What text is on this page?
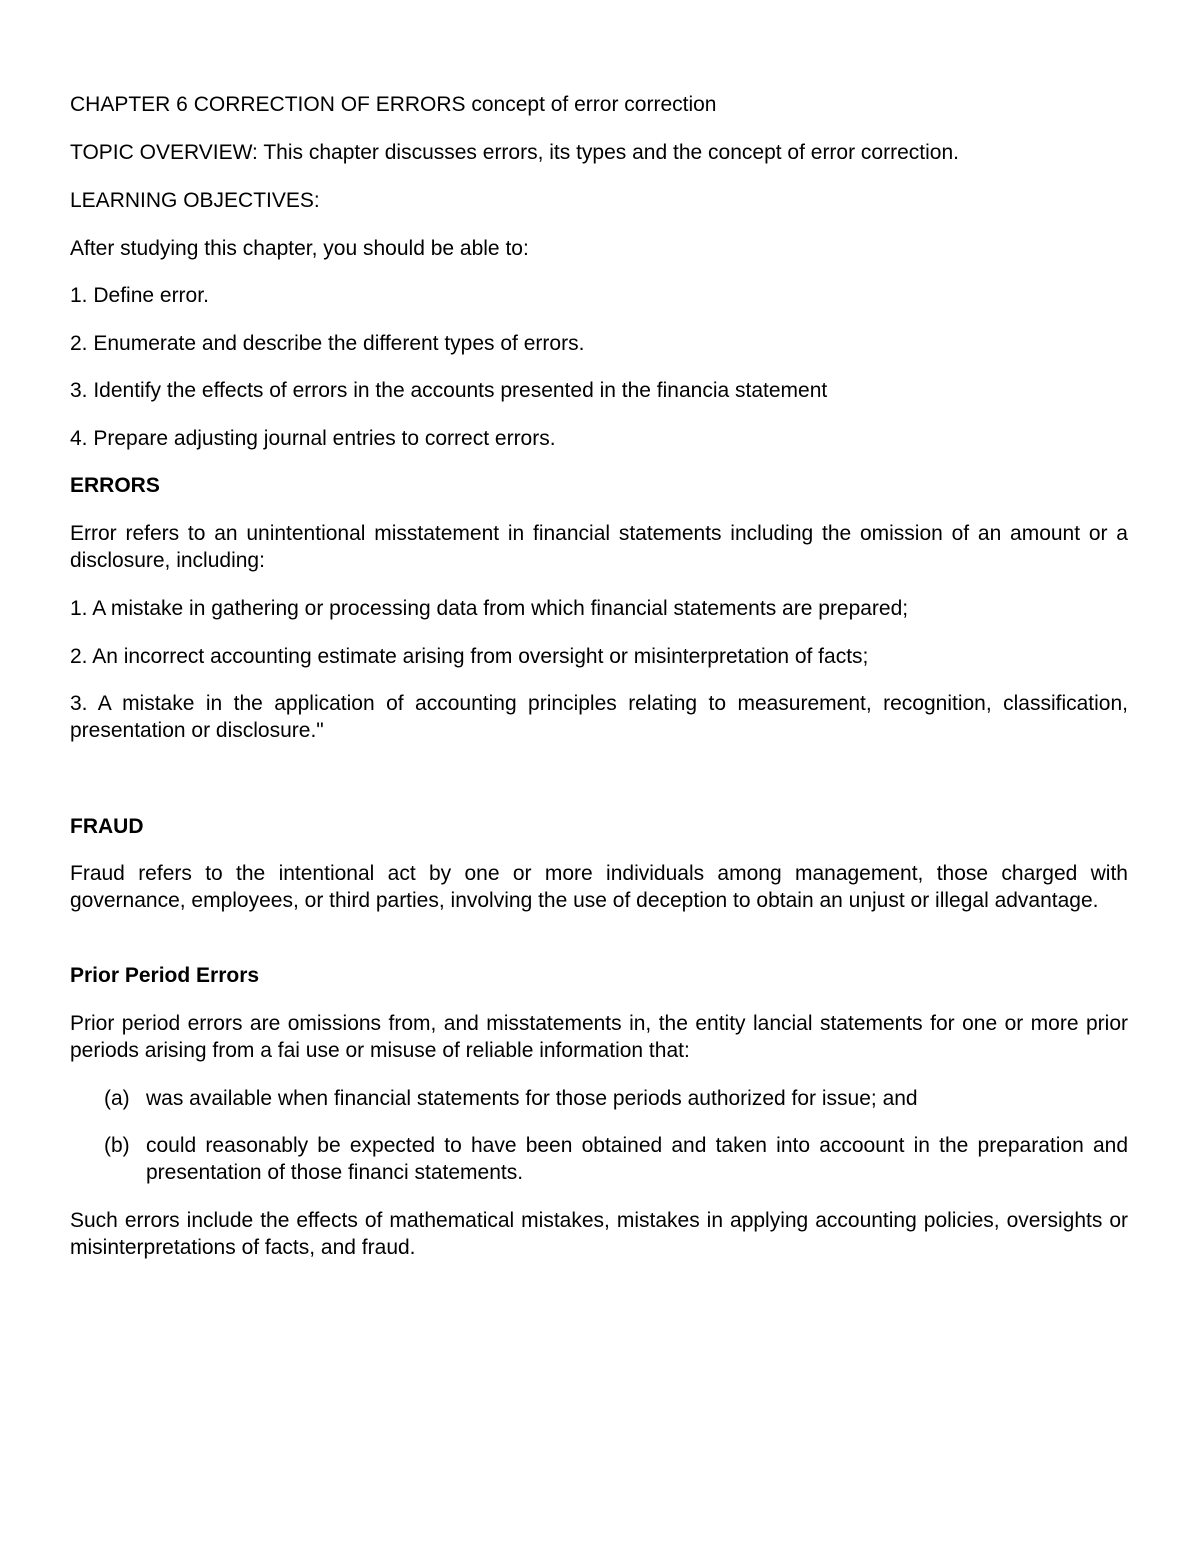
CHAPTER 6 CORRECTION OF ERRORS concept of error correction

TOPIC OVERVIEW: This chapter discusses errors, its types and the concept of error correction.

LEARNING OBJECTIVES:

After studying this chapter, you should be able to:

1. Define error.

2. Enumerate and describe the different types of errors.

3. Identify the effects of errors in the accounts presented in the financia statement

4. Prepare adjusting journal entries to correct errors.

ERRORS

Error refers to an unintentional misstatement in financial statements including the omission of an amount or a disclosure, including:

1. A mistake in gathering or processing data from which financial statements are prepared;

2. An incorrect accounting estimate arising from oversight or misinterpretation of facts;

3. A mistake in the application of accounting principles relating to measurement, recognition, classification, presentation or disclosure."

FRAUD

Fraud refers to the intentional act by one or more individuals among management, those charged with governance, employees, or third parties, involving the use of deception to obtain an unjust or illegal advantage.

Prior Period Errors

Prior period errors are omissions from, and misstatements in, the entity lancial statements for one or more prior periods arising from a fai use or misuse of reliable information that:

(a) was available when financial statements for those periods authorized for issue; and
(b) could reasonably be expected to have been obtained and taken into accoount in the preparation and presentation of those financi statements.

Such errors include the effects of mathematical mistakes, mistakes in applying accounting policies, oversights or misinterpretations of facts, and fraud.
